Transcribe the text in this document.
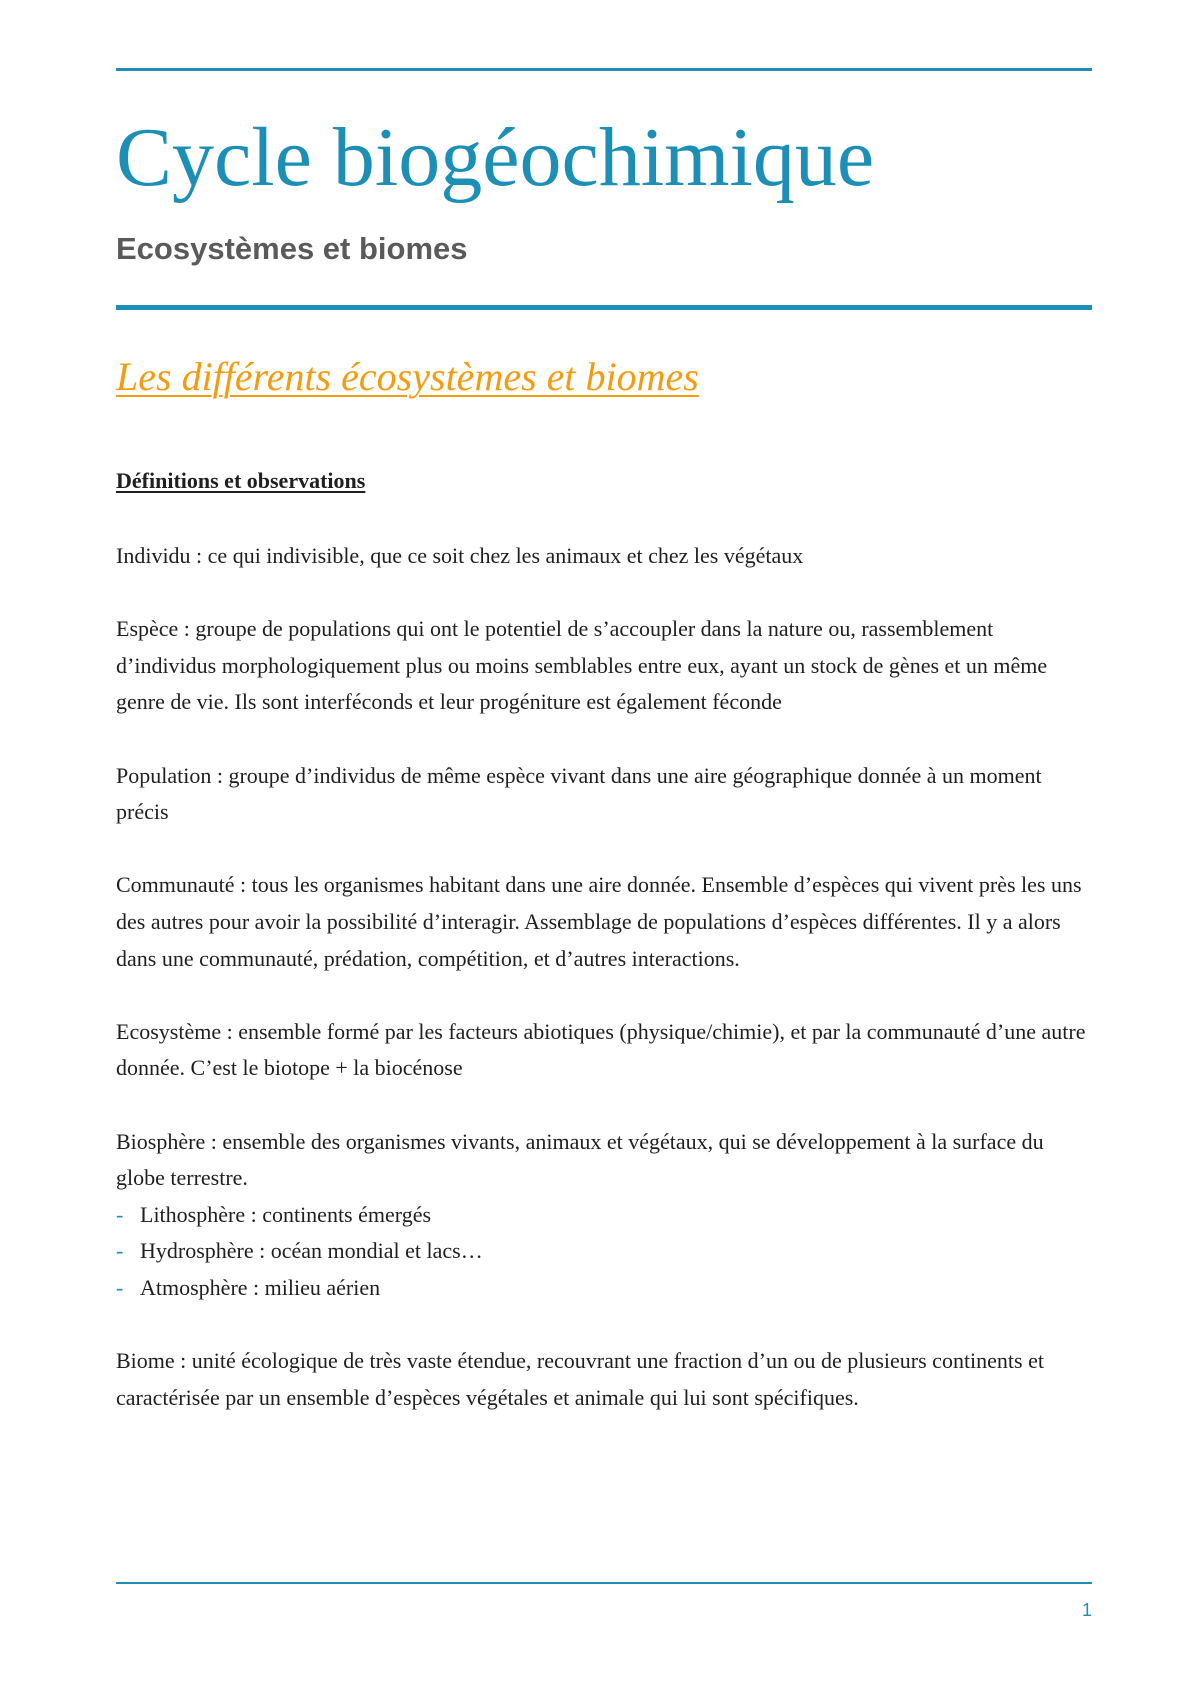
Cycle biogéochimique
Ecosystèmes et biomes
Les différents écosystèmes et biomes
Définitions et observations

Individu : ce qui indivisible, que ce soit chez les animaux et chez les végétaux

Espèce : groupe de populations qui ont le potentiel de s’accoupler dans la nature ou, rassemblement d’individus morphologiquement plus ou moins semblables entre eux, ayant un stock de gènes et un même genre de vie. Ils sont interféconds et leur progéniture est également féconde

Population : groupe d’individus de même espèce vivant dans une aire géographique donnée à un moment précis

Communauté : tous les organismes habitant dans une aire donnée. Ensemble d’espèces qui vivent près les uns des autres pour avoir la possibilité d’interagir. Assemblage de populations d’espèces différentes. Il y a alors dans une communauté, prédation, compétition, et d’autres interactions.

Ecosystème : ensemble formé par les facteurs abiotiques (physique/chimie), et par la communauté d’une autre donnée. C’est le biotope + la biocénose

Biosphère : ensemble des organismes vivants, animaux et végétaux, qui se développement à la surface du globe terrestre.

- Lithosphère : continents émergés
- Hydrosphère : océan mondial et lacs…
- Atmosphère : milieu aérien

Biome : unité écologique de très vaste étendue, recouvrant une fraction d’un ou de plusieurs continents et caractérisée par un ensemble d’espèces végétales et animale qui lui sont spécifiques.

1
